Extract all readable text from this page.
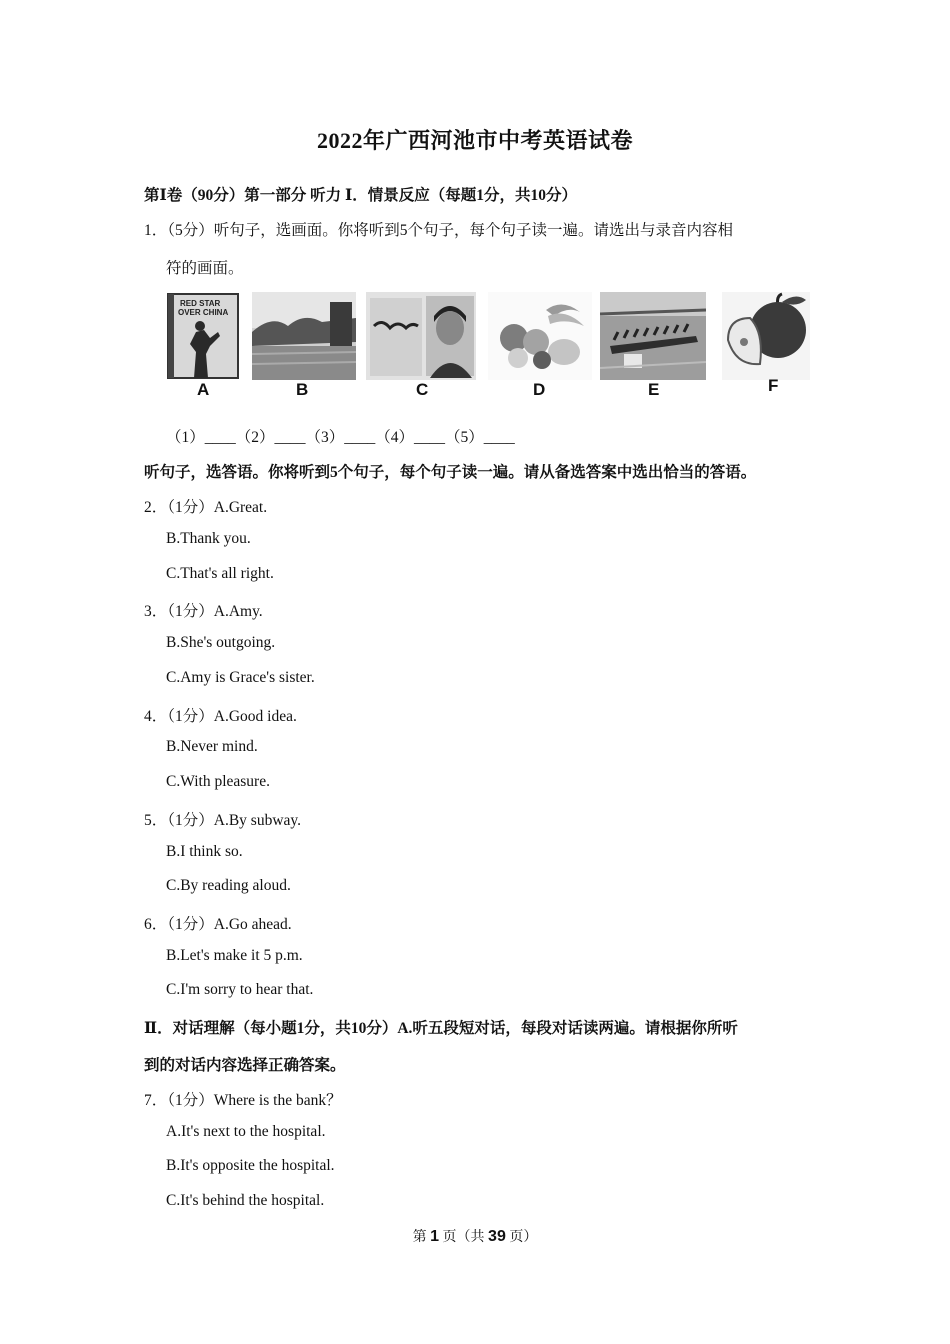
2022年广西河池市中考英语试卷
第Ⅰ卷（90分）第一部分 听力 Ⅰ．情景反应（每题1分，共10分）
1．（5分）听句子，选画面。你将听到5个句子，每个句子读一遍。请选出与录音内容相
符的画面。
RED STAR
OVER CHINA
A	B	C	D	E	F
（1）____（2）____（3）____（4）____（5）____
听句子，选答语。你将听到5个句子，每个句子读一遍。请从备选答案中选出恰当的答语。
2．（1分）A.Great.
B.Thank you.
C.That's all right.
3．（1分）A.Amy.
B.She's outgoing.
C.Amy is Grace's sister.
4．（1分）A.Good idea.
B.Never mind.
C.With pleasure.
5．（1分）A.By subway.
B.I think so.
C.By reading aloud.
6．（1分）A.Go ahead.
B.Let's make it 5 p.m.
C.I'm sorry to hear that.
Ⅱ．对话理解（每小题1分，共10分）A.听五段短对话，每段对话读两遍。请根据你所听
到的对话内容选择正确答案。
7．（1分）Where is the bank？
A.It's next to the hospital.
B.It's opposite the hospital.
C.It's behind the hospital.
第 1 页（共 39 页）
